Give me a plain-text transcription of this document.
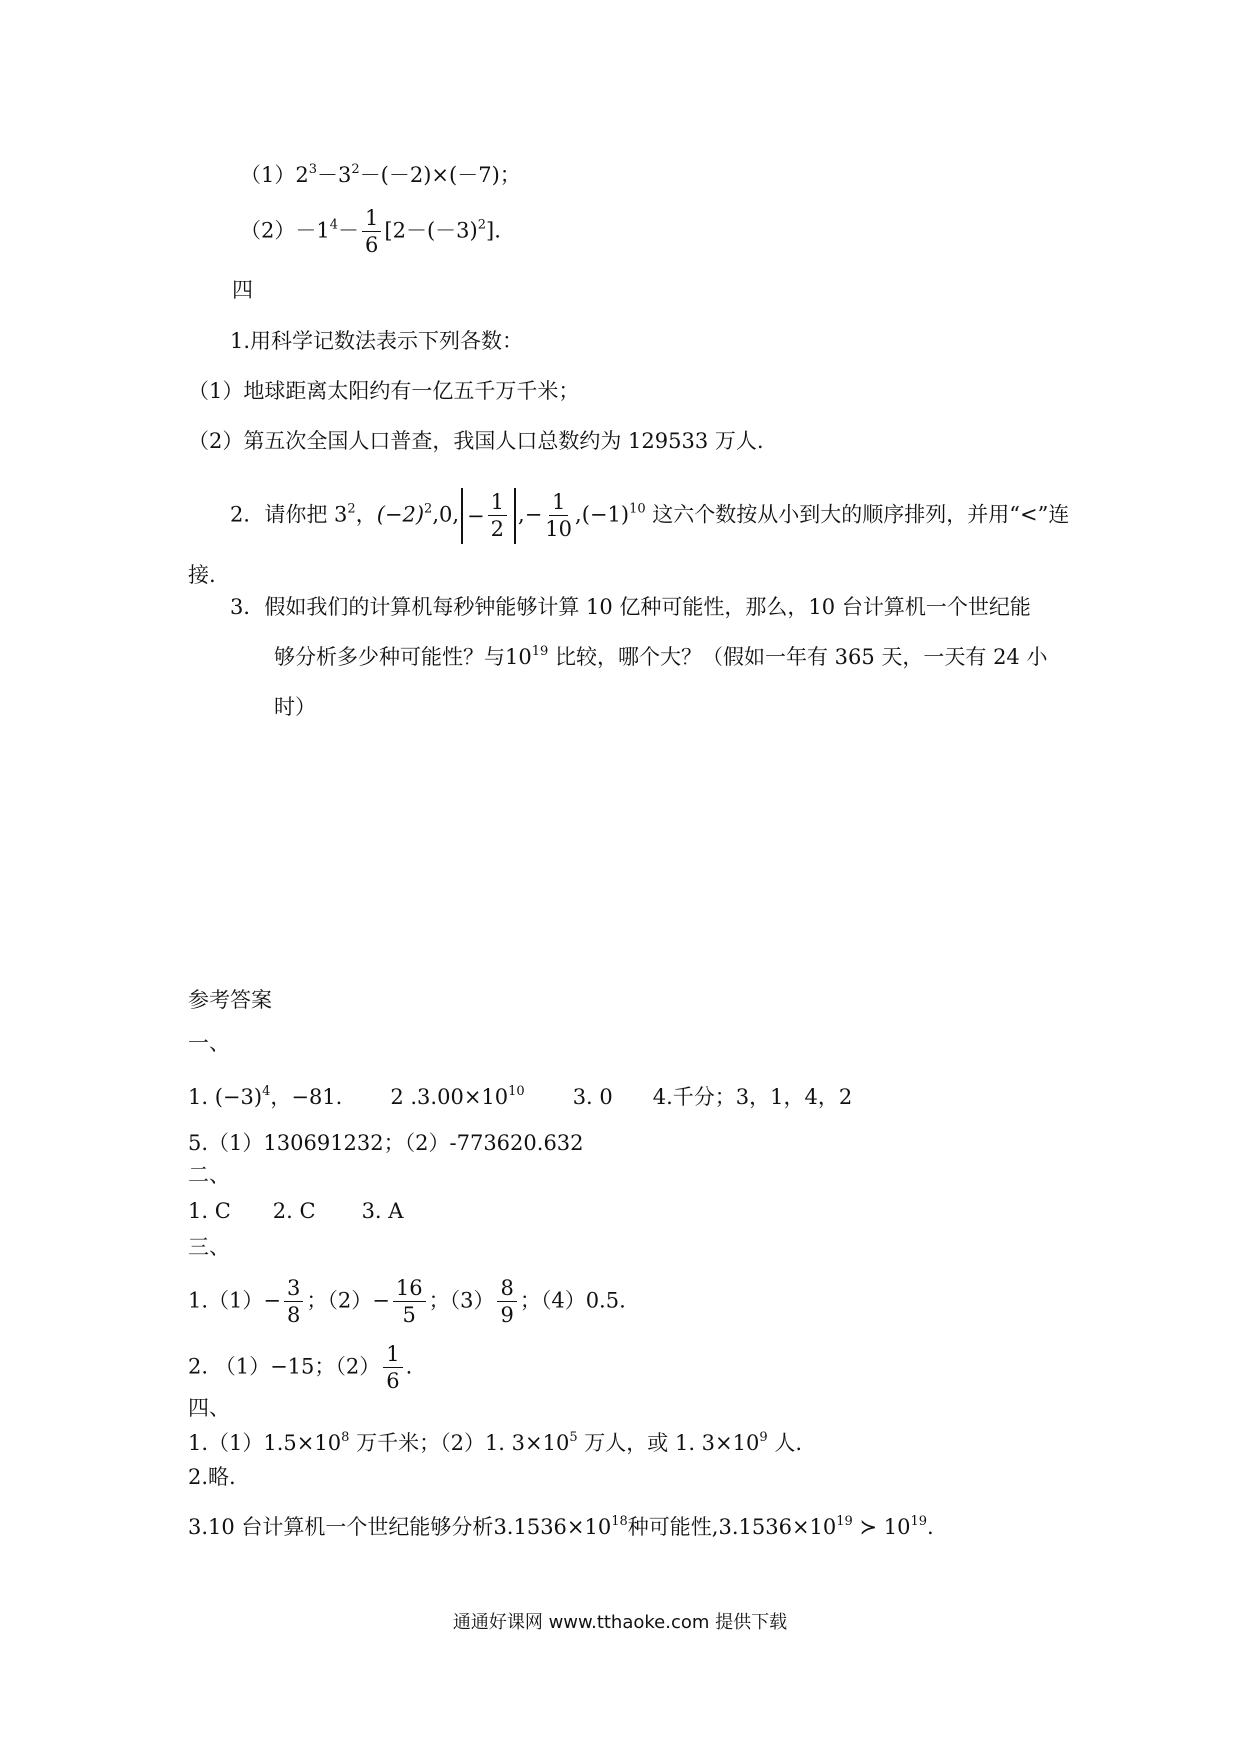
$(1)2^3-3^2-(-2)\times(-7)$；
$(2)-1^4- \frac{1}{6} [2-(-3)^2]$.
四
1.用科学记数法表示下列各数：
（1）地球距离太阳约有一亿五千万千米；
（2）第五次全国人口普查，我国人口总数约为 129533 万人.
2．请你把 $3^2$，$(-2)^2,0$, − $\frac{1}{2}$ ,− $\frac{1}{10} ,(-1)^{10}$ 这六个数按从小到大的顺序排列，并用“<”连
接.
3．假如我们的计算机每秒钟能够计算 10 亿种可能性，那么，10 台计算机一个世纪能
够分析多少种可能性？与$10^{19}$ 比较，哪个大？（假如一年有 365 天，一天有 24 小
时）
参考答案
一、
1. $(-3)^4$，−81. 2 $.3.00\times 10^{10}$ 3. 0 4.千分；3，1，4，2
5.（1）130691232；（2）-773620.632
二、
1. C 2. C 3. A
三、
$1.(1)- \frac{3}{8}$ ；$(2)- \frac{16}{5}$ ；$(3) \frac{8}{9}$ ；（4）0.5.
2. （1）−15；$(2) \frac{1}{6}$ .
四、
$1.(1)1.5\times 10^8$ 万千米；（2）1. $3\times 10^5$ 万人，或 1. $3\times 10^9$ 人.
2.略.
3.10 台计算机一个世纪能够分析$3.1536\times 10^{18}$种可能性$,3.1536\times 10^{19}$ ≻ $10^{19}$.
通通好课网 www.tthaoke.com 提供下载
